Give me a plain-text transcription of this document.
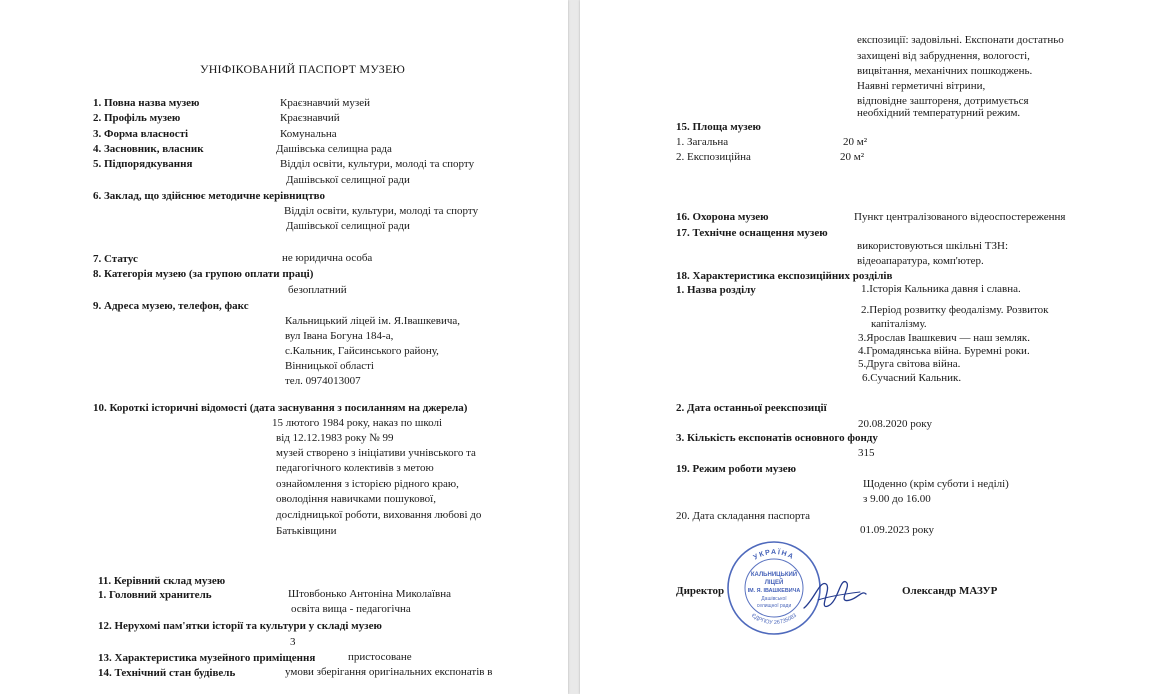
УНІФІКОВАНИЙ ПАСПОРТ МУЗЕЮ
1. Повна назва музею	Краєзнавчий музей
2. Профіль музею	Краєзнавчий
3. Форма власності	Комунальна
4. Засновник, власник	Дашівська селищна рада
5. Підпорядкування	Відділ освіти, культури, молоді та спорту
Дашівської селищної ради
6. Заклад, що здійснює методичне керівництво
Відділ освіти, культури, молоді та спорту
Дашівської селищної ради
7. Статус	не юридична особа
8. Категорія музею (за групою оплати праці)
безоплатний
9. Адреса музею, телефон, факс
Кальницький ліцей ім. Я.Івашкевича,
вул Івана Богуна 184-а,
с.Кальник, Гайсинського району,
Вінницької області
тел. 0974013007
10. Короткі історичні відомості (дата заснування з посиланням на джерела)
15 лютого 1984 року, наказ по школі
від 12.12.1983 року № 99
музей створено з ініціативи учнівського та
педагогічного колективів з метою
ознайомлення з історією рідного краю,
оволодіння навичками пошукової,
дослідницької роботи, виховання любові до
Батьківщини
11. Керівний склад музею
1. Головний хранитель	Штовбонько Антоніна Миколаївна
освіта вища - педагогічна
12. Нерухомі пам'ятки історії та культури у складі музею
3
13. Характеристика музейного приміщення	пристосоване
14. Технічний стан будівель	умови зберігання оригінальних експонатів в
експозиції: задовільні. Експонати достатньо
захищені від забруднення, вологості,
вицвітання, механічних пошкоджень.
Наявні герметичні вітрини,
відповідне заштореня, дотримується
необхідний температурний режим.
15. Площа музею
1. Загальна	20 м²
2. Експозиційна	20 м²
16. Охорона музею	Пункт централізованого відеоспостереження
17. Технічне оснащення музею
використовуються шкільні ТЗН:
відеоапаратура, комп'ютер.
18. Характеристика експозиційних розділів
1. Назва розділу	1.Історія Кальника давня і славна.
2.Період розвитку феодалізму. Розвиток
капіталізму.
3.Ярослав Івашкевич — наш земляк.
4.Громадянська війна. Буремні роки.
5.Друга світова війна.
6.Сучасний Кальник.
2. Дата останньої реекспозиції
20.08.2020 року
3. Кількість експонатів основного фонду
315
19. Режим роботи музею
Щоденно (крім суботи і неділі)
з 9.00 до 16.00
20. Дата складання паспорта
01.09.2023 року
Директор	Олександр МАЗУР
УКРАЇНА
ЄДРПОУ 26735083
КАЛЬНИЦЬКИЙ
ЛІЦЕЙ
ІМ. Я. ІВАШКЕВИЧА
Дашівської
селищної ради
